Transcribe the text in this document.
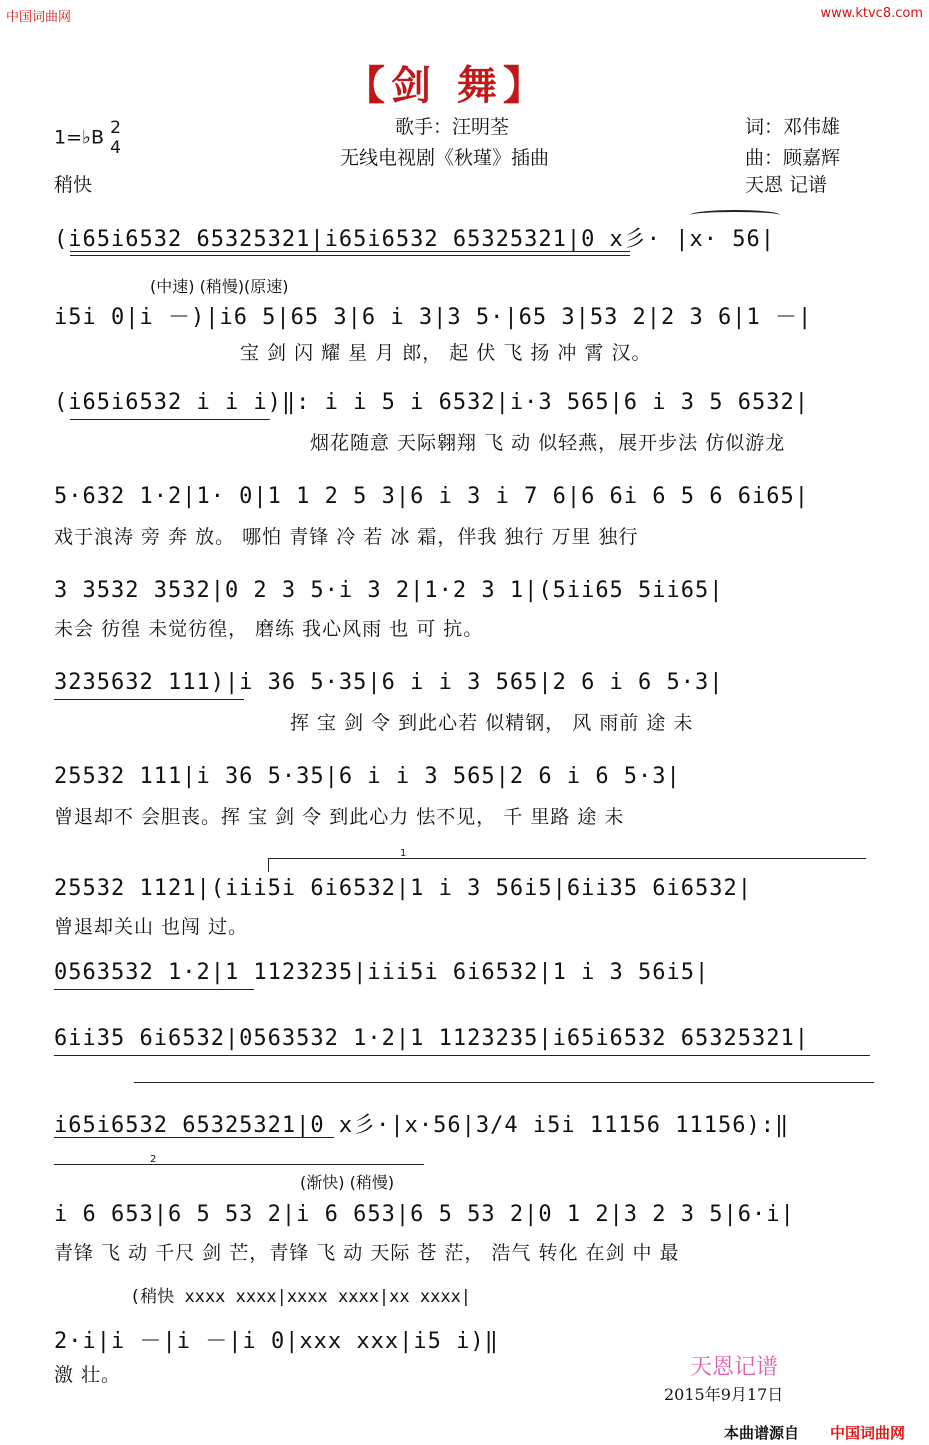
中国词曲网	www.ktvc8.com
【剑 舞】
歌手：汪明荃
无线电视剧《秋瑾》插曲
词：邓伟雄
曲：顾嘉辉
天恩 记谱
1=♭B 2
4
稍快
(i65i6532 65325321|i65i6532 65325321|0 x彡· |x· 56|
(中速) (稍慢)(原速)
i5i 0|i －)|i6 5|65 3|6 i 3|3 5·|65 3|53 2|2 3 6|1 －|
宝 剑 闪 耀 星 月 郎， 起 伏 飞 扬 冲 霄 汉。
(i65i6532 i i i)‖: i i 5 i 6532|i·3 565|6 i 3 5 6532|
烟花随意 天际翱翔 飞 动 似轻燕，展开步法 仿似游龙
5·632 1·2|1· 0|1 1 2 5 3|6 i 3 i 7 6|6 6i 6 5 6 6i65|
戏于浪涛 旁 奔 放。 哪怕 青锋 冷 若 冰 霜，伴我 独行 万里 独行
3 3532 3532|0 2 3 5·i 3 2|1·2 3 1|(5ii65 5ii65|
未会 彷徨 未觉彷徨， 磨练 我心风雨 也 可 抗。
3235632 111)|i 36 5·35|6 i i 3 565|2 6 i 6 5·3|
挥 宝 剑 令 到此心若 似精钢， 风 雨前 途 未
25532 111|i 36 5·35|6 i i 3 565|2 6 i 6 5·3|
曾退却不 会胆丧。挥 宝 剑 令 到此心力 怯不见， 千 里路 途 未
1
25532 1121|(iii5i 6i6532|1 i 3 56i5|6ii35 6i6532|
曾退却关山 也闯 过。
0563532 1·2|1 1123235|iii5i 6i6532|1 i 3 56i5|
6ii35 6i6532|0563532 1·2|1 1123235|i65i6532 65325321|
i65i6532 65325321|0 x彡·|x·56|3/4 i5i 11156 11156):‖
2
(渐快) (稍慢)
i 6 653|6 5 53 2|i 6 653|6 5 53 2|0 1 2|3 2 3 5|6·i|
青锋 飞 动 千尺 剑 芒，青锋 飞 动 天际 苍 茫， 浩气 转化 在剑 中 最
(稍快 xxxx xxxx|xxxx xxxx|xx xxxx|
2·i|i －|i －|i 0|xxx xxx|i5 i)‖
激 壮。	天恩记谱
2015年9月17日
本曲谱源自 中国词曲网
